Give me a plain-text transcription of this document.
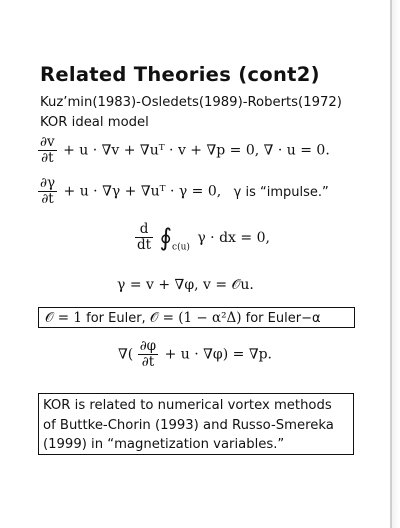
Related Theories (cont2)
Kuz’min(1983)-Osledets(1989)-Roberts(1972)
KOR ideal model
$\frac{\partial v}{\partial t} + u \cdot \nabla v$ + ∇uᵀ · v + ∇p = 0, ∇ · u = 0.
$\frac{\partial\gamma}{\partial t} + u \cdot \nabla\gamma$ + ∇uᵀ · γ = 0, γ is “impulse.”
$\frac{d}{dt}$ $∮_{c(u)}$ γ · dx = 0,
γ = v + ∇φ, v = 𝒪u.
𝒪 = 1 for Euler, 𝒪 = (1 − α²Δ) for Euler−α
∇( $\frac{\partial\varphi}{\partial t} + u \cdot \nabla\varphi) = \nabla p$.
KOR is related to numerical vortex methods
of Buttke-Chorin (1993) and Russo-Smereka
(1999) in “magnetization variables.”
